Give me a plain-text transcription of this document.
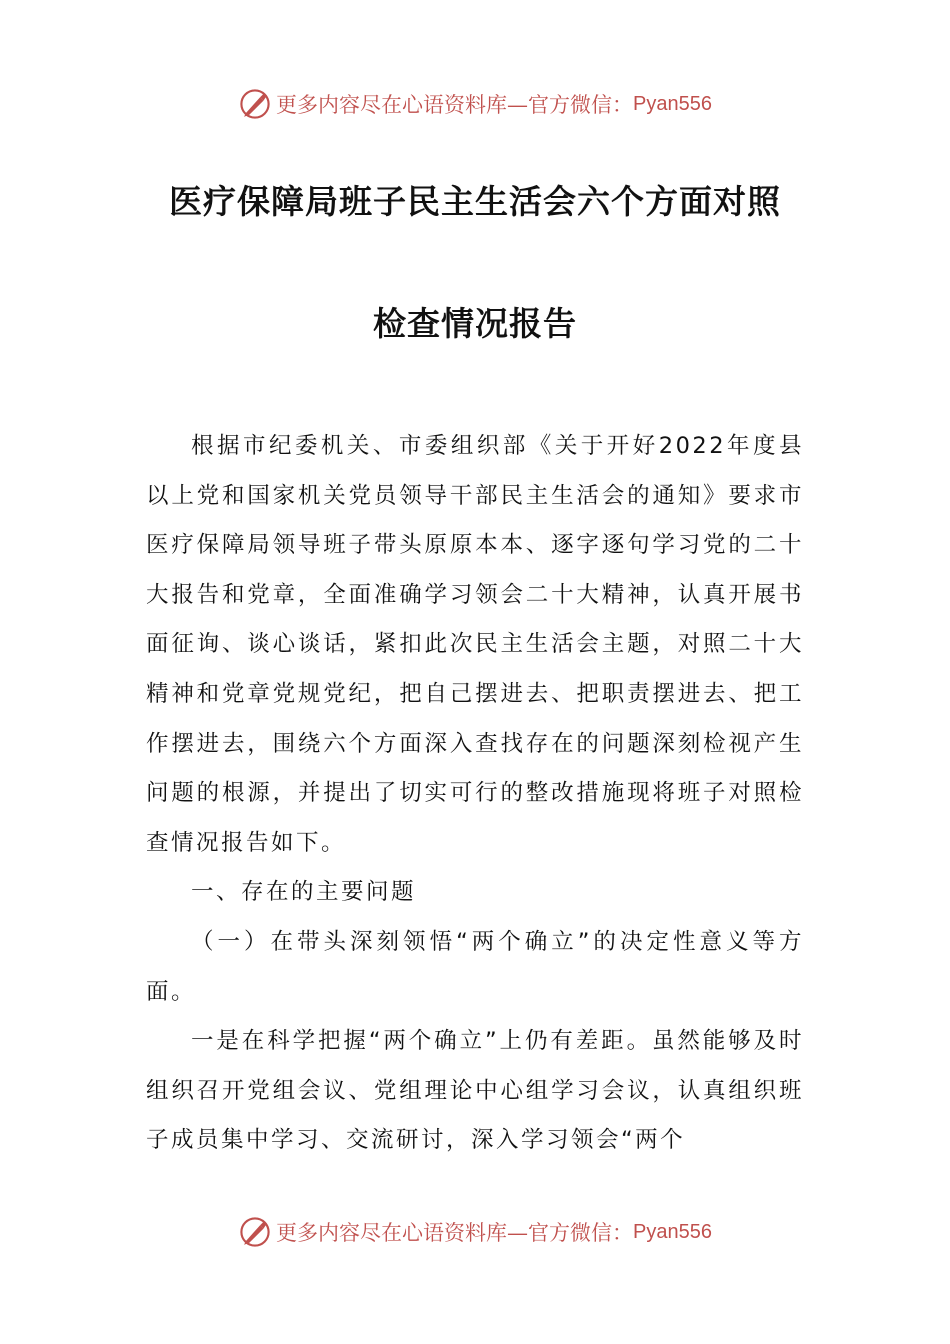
更多内容尽在心语资料库—官方微信： Pyan556
医疗保障局班子民主生活会六个方面对照
检查情况报告

根据市纪委机关、市委组织部《关于开好2022年度县以上党和国家机关党员领导干部民主生活会的通知》要求市医疗保障局领导班子带头原原本本、逐字逐句学习党的二十大报告和党章，全面准确学习领会二十大精神，认真开展书面征询、谈心谈话，紧扣此次民主生活会主题，对照二十大精神和党章党规党纪，把自己摆进去、把职责摆进去、把工作摆进去，围绕六个方面深入查找存在的问题深刻检视产生问题的根源，并提出了切实可行的整改措施现将班子对照检查情况报告如下。

一、存在的主要问题

（一）在带头深刻领悟“两个确立”的决定性意义等方面。

一是在科学把握“两个确立”上仍有差距。虽然能够及时组织召开党组会议、党组理论中心组学习会议，认真组织班子成员集中学习、交流研讨，深入学习领会“两个

更多内容尽在心语资料库—官方微信： Pyan556
